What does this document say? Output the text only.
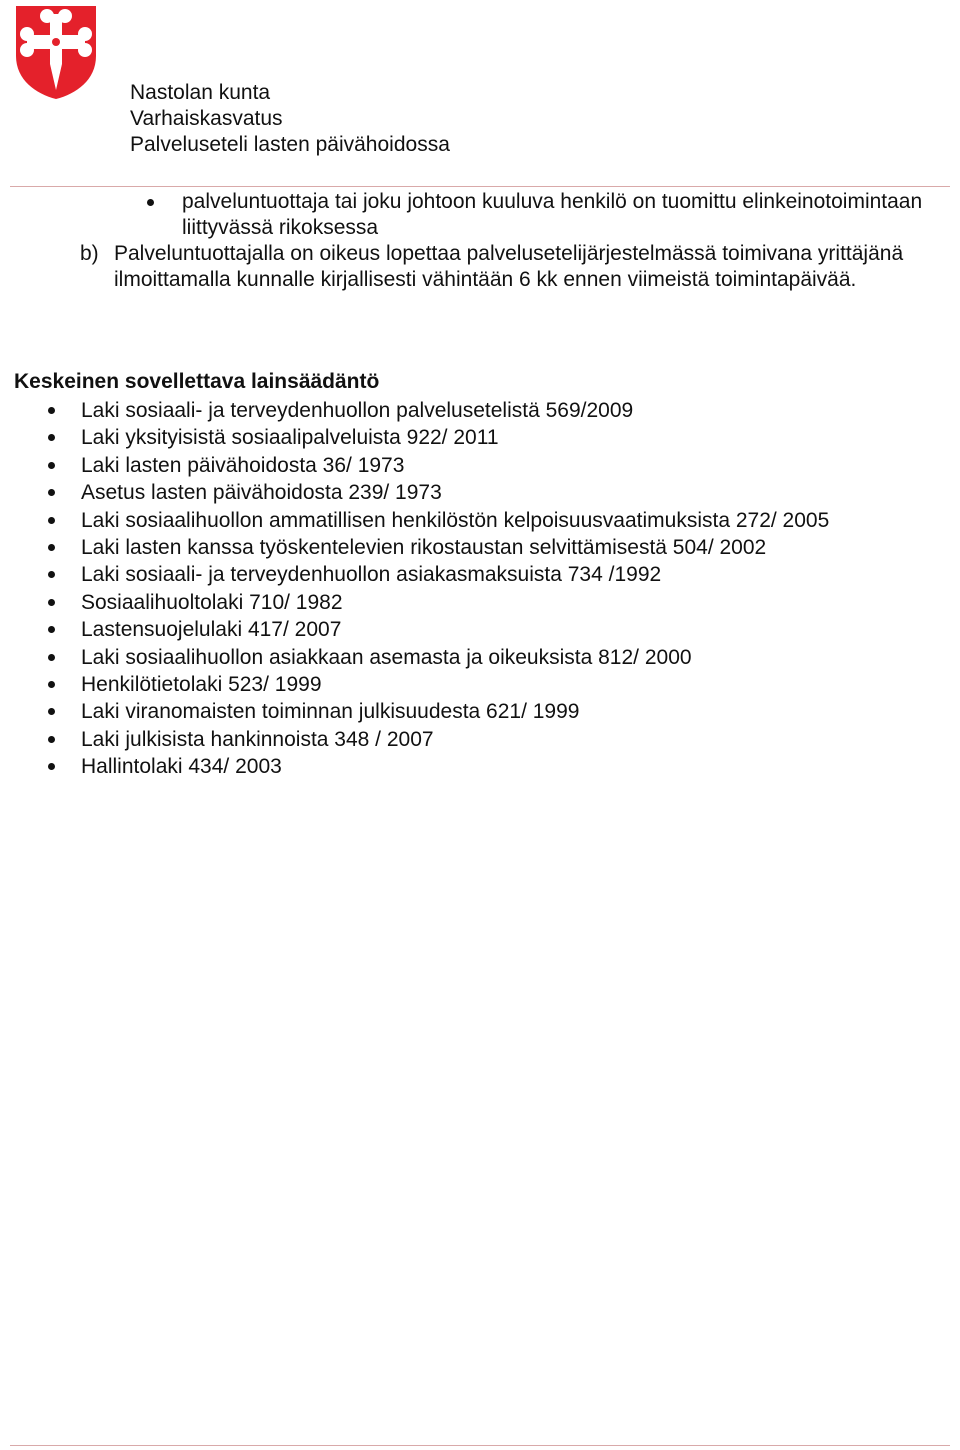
Nastolan kunta
Varhaiskasvatus
Palveluseteli lasten päivähoidossa
palveluntuottaja tai joku johtoon kuuluva henkilö on tuomittu elinkeinotoimintaan liittyvässä rikoksessa
b) Palveluntuottajalla on oikeus lopettaa palvelusetelijärjestelmässä toimivana yrittäjänä ilmoittamalla kunnalle kirjallisesti vähintään 6 kk ennen viimeistä toimintapäivää.
Keskeinen sovellettava lainsäädäntö
Laki sosiaali- ja terveydenhuollon palvelusetelistä 569/2009
Laki yksityisistä sosiaalipalveluista 922/ 2011
Laki lasten päivähoidosta 36/ 1973
Asetus lasten päivähoidosta 239/ 1973
Laki sosiaalihuollon ammatillisen henkilöstön kelpoisuusvaatimuksista 272/ 2005
Laki lasten kanssa työskentelevien rikostaustan selvittämisestä 504/ 2002
Laki sosiaali- ja terveydenhuollon asiakasmaksuista 734 /1992
Sosiaalihuoltolaki 710/ 1982
Lastensuojelulaki 417/ 2007
Laki sosiaalihuollon asiakkaan asemasta ja oikeuksista 812/ 2000
Henkilötietolaki 523/ 1999
Laki viranomaisten toiminnan julkisuudesta 621/ 1999
Laki julkisista hankinnoista 348 / 2007
Hallintolaki 434/ 2003
